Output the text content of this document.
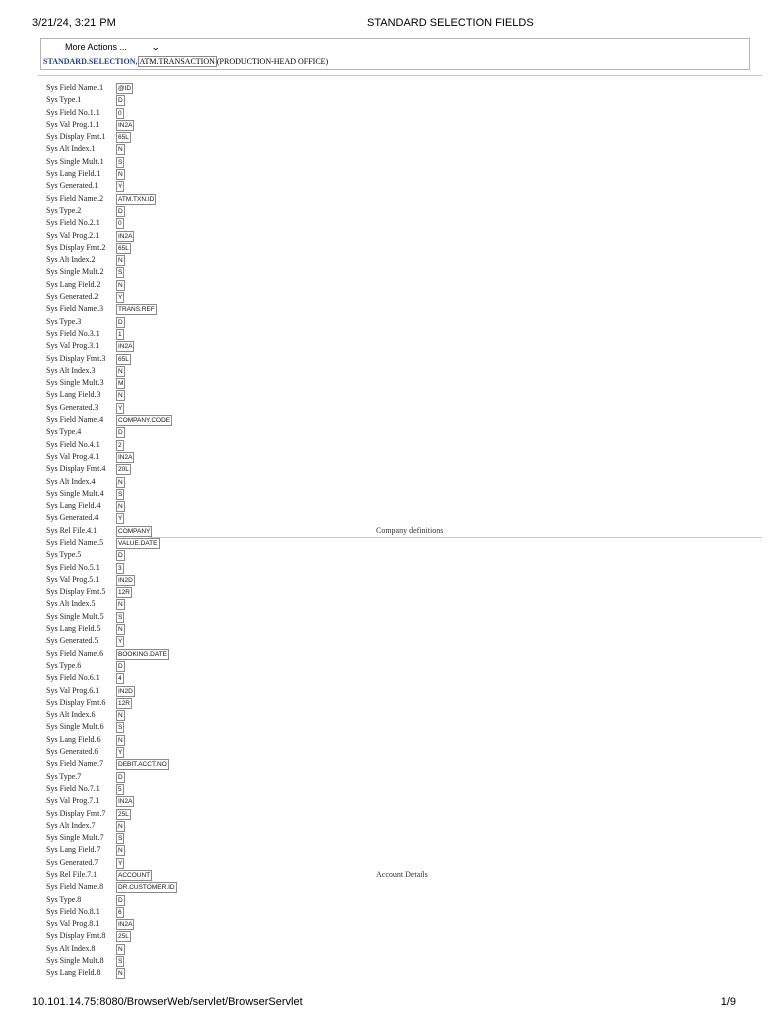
3/21/24, 3:21 PM	STANDARD SELECTION FIELDS
More Actions ...	⌄
STANDARD.SELECTION, ATM.TRANSACTION (PRODUCTION-HEAD OFFICE)
Sys Field Name.1	@ID
Sys Type.1	D
Sys Field No.1.1	0
Sys Val Prog.1.1	IN2A
Sys Display Fmt.1	65L
Sys Alt Index.1	N
Sys Single Mult.1	S
Sys Lang Field.1	N
Sys Generated.1	Y
Sys Field Name.2	ATM.TXN.ID
Sys Type.2	D
Sys Field No.2.1	0
Sys Val Prog.2.1	IN2A
Sys Display Fmt.2	65L
Sys Alt Index.2	N
Sys Single Mult.2	S
Sys Lang Field.2	N
Sys Generated.2	Y
Sys Field Name.3	TRANS.REF
Sys Type.3	D
Sys Field No.3.1	1
Sys Val Prog.3.1	IN2A
Sys Display Fmt.3	65L
Sys Alt Index.3	N
Sys Single Mult.3	M
Sys Lang Field.3	N
Sys Generated.3	Y
Sys Field Name.4	COMPANY.CODE
Sys Type.4	D
Sys Field No.4.1	2
Sys Val Prog.4.1	IN2A
Sys Display Fmt.4	20L
Sys Alt Index.4	N
Sys Single Mult.4	S
Sys Lang Field.4	N
Sys Generated.4	Y
Sys Rel File.4.1	COMPANY	Company definitions
Sys Field Name.5	VALUE.DATE
Sys Type.5	D
Sys Field No.5.1	3
Sys Val Prog.5.1	IN2D
Sys Display Fmt.5	12R
Sys Alt Index.5	N
Sys Single Mult.5	S
Sys Lang Field.5	N
Sys Generated.5	Y
Sys Field Name.6	BOOKING.DATE
Sys Type.6	D
Sys Field No.6.1	4
Sys Val Prog.6.1	IN2D
Sys Display Fmt.6	12R
Sys Alt Index.6	N
Sys Single Mult.6	S
Sys Lang Field.6	N
Sys Generated.6	Y
Sys Field Name.7	DEBIT.ACCT.NO
Sys Type.7	D
Sys Field No.7.1	5
Sys Val Prog.7.1	IN2A
Sys Display Fmt.7	25L
Sys Alt Index.7	N
Sys Single Mult.7	S
Sys Lang Field.7	N
Sys Generated.7	Y
Sys Rel File.7.1	ACCOUNT	Account Details
Sys Field Name.8	DR.CUSTOMER.ID
Sys Type.8	D
Sys Field No.8.1	6
Sys Val Prog.8.1	IN2A
Sys Display Fmt.8	25L
Sys Alt Index.8	N
Sys Single Mult.8	S
Sys Lang Field.8	N
10.101.14.75:8080/BrowserWeb/servlet/BrowserServlet	1/9
